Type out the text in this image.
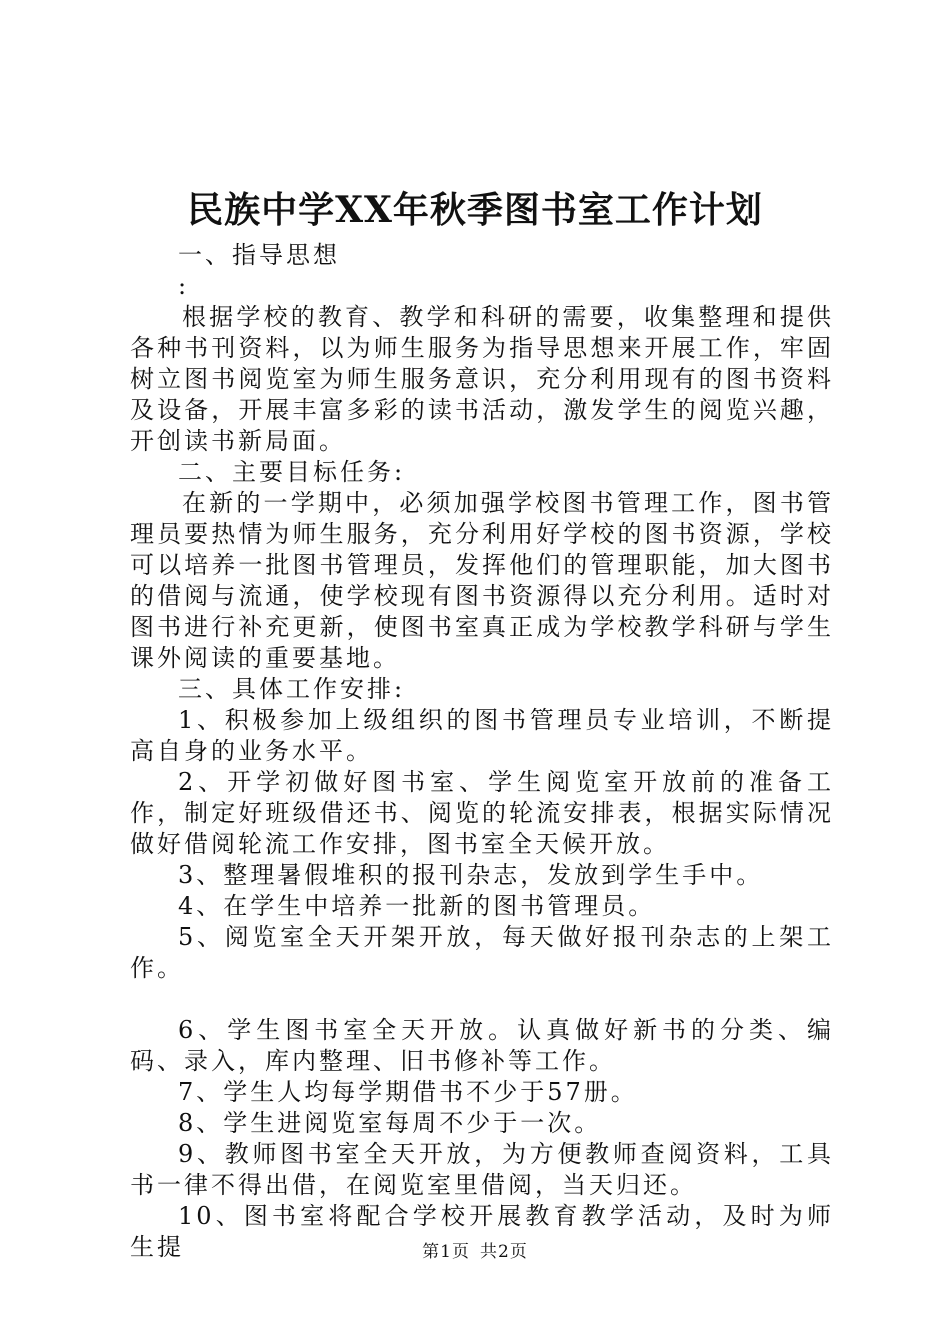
民族中学XX年秋季图书室工作计划

一、指导思想

:

根据学校的教育、教学和科研的需要，收集整理和提供各种书刊资料，以为师生服务为指导思想来开展工作，牢固树立图书阅览室为师生服务意识，充分利用现有的图书资料及设备，开展丰富多彩的读书活动，激发学生的阅览兴趣，开创读书新局面。

二、主要目标任务:

在新的一学期中，必须加强学校图书管理工作，图书管理员要热情为师生服务，充分利用好学校的图书资源，学校可以培养一批图书管理员，发挥他们的管理职能，加大图书的借阅与流通，使学校现有图书资源得以充分利用。适时对图书进行补充更新，使图书室真正成为学校教学科研与学生课外阅读的重要基地。

三、具体工作安排:

1、积极参加上级组织的图书管理员专业培训，不断提高自身的业务水平。

2、开学初做好图书室、学生阅览室开放前的准备工作，制定好班级借还书、阅览的轮流安排表，根据实际情况做好借阅轮流工作安排，图书室全天候开放。

3、整理暑假堆积的报刊杂志，发放到学生手中。

4、在学生中培养一批新的图书管理员。

5、阅览室全天开架开放，每天做好报刊杂志的上架工作。

6、学生图书室全天开放。认真做好新书的分类、编码、录入，库内整理、旧书修补等工作。

7、学生人均每学期借书不少于57册。

8、学生进阅览室每周不少于一次。

9、教师图书室全天开放，为方便教师查阅资料，工具书一律不得出借，在阅览室里借阅，当天归还。

10、图书室将配合学校开展教育教学活动，及时为师生提	第1页 共2页
